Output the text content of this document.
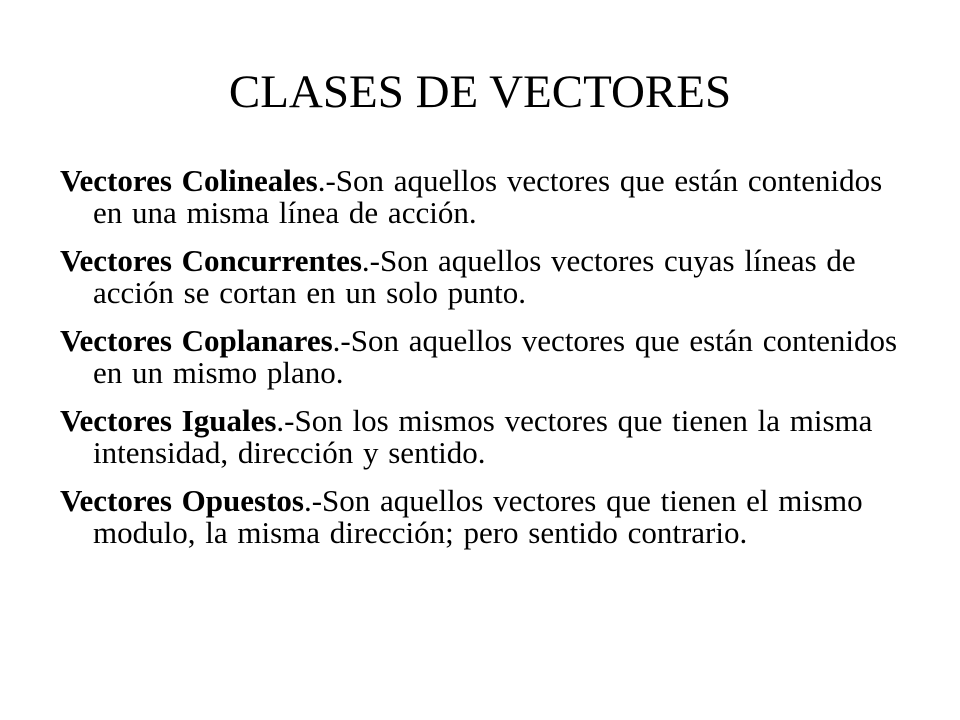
CLASES DE VECTORES
Vectores Colineales.-Son aquellos vectores que están contenidos en una misma línea de acción.
Vectores Concurrentes.-Son aquellos vectores cuyas líneas de acción se cortan en un solo punto.
Vectores Coplanares.-Son aquellos vectores que están contenidos en un mismo plano.
Vectores Iguales.-Son los mismos vectores que tienen la misma intensidad, dirección y sentido.
Vectores Opuestos.-Son aquellos vectores que tienen el mismo modulo, la misma dirección; pero sentido contrario.
